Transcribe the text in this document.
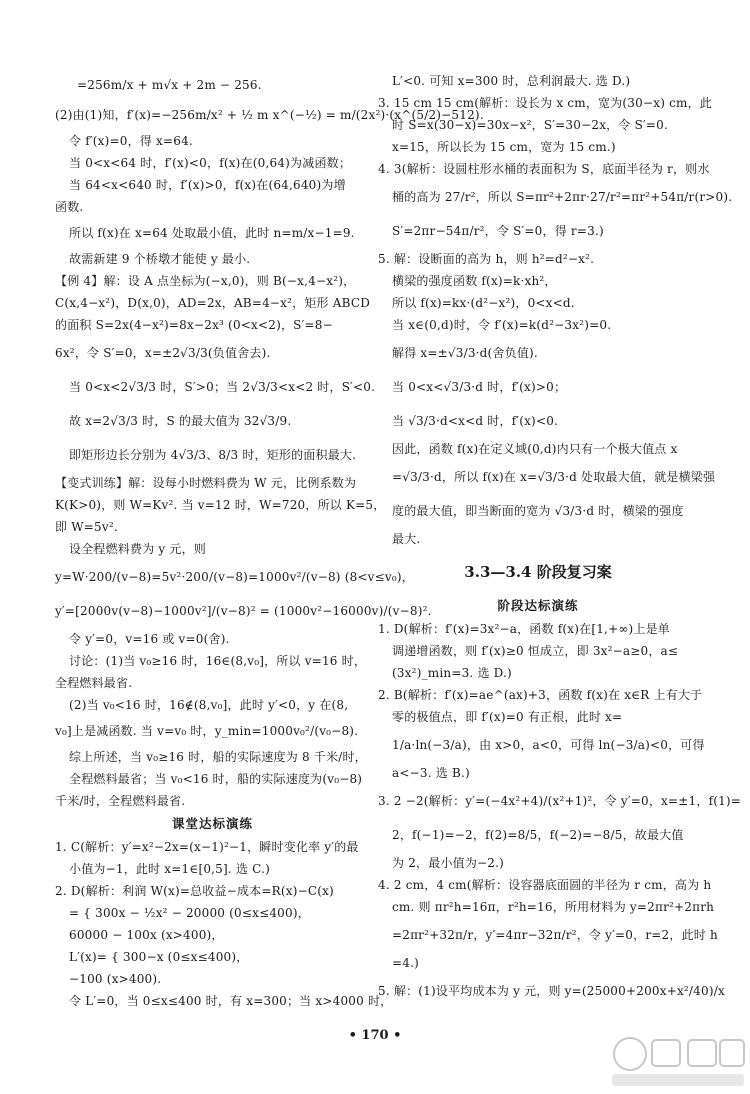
=256m/x + m√x + 2m − 256.
(2)由(1)知，f′(x)=−256m/x² + ½ m x^(−½) = m/(2x²)·(x^(5/2)−512).
令 f′(x)=0，得 x=64.
当 0<x<64 时，f′(x)<0，f(x)在(0,64)为减函数；
当 64<x<640 时，f′(x)>0，f(x)在(64,640)为增
函数.
所以 f(x)在 x=64 处取最小值，此时 n=m/x−1=9.
故需新建 9 个桥墩才能使 y 最小.
【例 4】解：设 A 点坐标为(−x,0)，则 B(−x,4−x²)，
C(x,4−x²)，D(x,0)，AD=2x，AB=4−x²，矩形 ABCD
的面积 S=2x(4−x²)=8x−2x³ (0<x<2)，S′=8−
6x²，令 S′=0，x=±2√3/3(负值舍去).
当 0<x<2√3/3 时，S′>0；当 2√3/3<x<2 时，S′<0.
故 x=2√3/3 时，S 的最大值为 32√3/9.
即矩形边长分别为 4√3/3、8/3 时，矩形的面积最大.
【变式训练】解：设每小时燃料费为 W 元，比例系数为
K(K>0)，则 W=Kv². 当 v=12 时，W=720，所以 K=5，
即 W=5v².
设全程燃料费为 y 元，则
y=W·200/(v−8)=5v²·200/(v−8)=1000v²/(v−8) (8<v≤v₀)，
y′=[2000v(v−8)−1000v²]/(v−8)² = (1000v²−16000v)/(v−8)².
令 y′=0，v=16 或 v=0(舍).
讨论：(1)当 v₀≥16 时，16∈(8,v₀]，所以 v=16 时，
全程燃料最省.
(2)当 v₀<16 时，16∉(8,v₀]，此时 y′<0，y 在(8,
v₀]上是减函数. 当 v=v₀ 时，y_min=1000v₀²/(v₀−8).
综上所述，当 v₀≥16 时，船的实际速度为 8 千米/时，
全程燃料最省；当 v₀<16 时，船的实际速度为(v₀−8)
千米/时，全程燃料最省.
课堂达标演练
1. C(解析：y′=x²−2x=(x−1)²−1，瞬时变化率 y′的最
小值为−1，此时 x=1∈[0,5]. 选 C.)
2. D(解析：利润 W(x)=总收益−成本=R(x)−C(x)
= { 300x − ½x² − 20000 (0≤x≤400)，
60000 − 100x (x>400)，
L′(x)= { 300−x (0≤x≤400)，
−100 (x>400).
令 L′=0，当 0≤x≤400 时，有 x=300；当 x>4000 时，
L′<0. 可知 x=300 时，总利润最大. 选 D.)
3. 15 cm 15 cm(解析：设长为 x cm，宽为(30−x) cm，此
时 S=x(30−x)=30x−x²，S′=30−2x，令 S′=0.
x=15，所以长为 15 cm，宽为 15 cm.)
4. 3(解析：设圆柱形水桶的表面积为 S，底面半径为 r，则水
桶的高为 27/r²，所以 S=πr²+2πr·27/r²=πr²+54π/r(r>0).
S′=2πr−54π/r²，令 S′=0，得 r=3.)
5. 解：设断面的高为 h，则 h²=d²−x².
横梁的强度函数 f(x)=k·xh²，
所以 f(x)=kx·(d²−x²)，0<x<d.
当 x∈(0,d)时，令 f′(x)=k(d²−3x²)=0.
解得 x=±√3/3·d(舍负值).
当 0<x<√3/3·d 时，f′(x)>0；
当 √3/3·d<x<d 时，f′(x)<0.
因此，函数 f(x)在定义域(0,d)内只有一个极大值点 x
=√3/3·d，所以 f(x)在 x=√3/3·d 处取最大值，就是横梁强
度的最大值，即当断面的宽为 √3/3·d 时，横梁的强度
最大.
3.3—3.4 阶段复习案
阶段达标演练
1. D(解析：f′(x)=3x²−a，函数 f(x)在[1,+∞)上是单
调递增函数，则 f′(x)≥0 恒成立，即 3x²−a≥0，a≤
(3x²)_min=3. 选 D.)
2. B(解析：f′(x)=ae^(ax)+3，函数 f(x)在 x∈R 上有大于
零的极值点，即 f′(x)=0 有正根，此时 x=
1/a·ln(−3/a)，由 x>0，a<0，可得 ln(−3/a)<0，可得
a<−3. 选 B.)
3. 2 −2(解析：y′=(−4x²+4)/(x²+1)²，令 y′=0，x=±1，f(1)=
2，f(−1)=−2，f(2)=8/5，f(−2)=−8/5，故最大值
为 2，最小值为−2.)
4. 2 cm，4 cm(解析：设容器底面圆的半径为 r cm，高为 h
cm. 则 πr²h=16π，r²h=16，所用材料为 y=2πr²+2πrh
=2πr²+32π/r，y′=4πr−32π/r²，令 y′=0，r=2，此时 h
=4.)
5. 解：(1)设平均成本为 y 元，则 y=(25000+200x+x²/40)/x
• 170 •
